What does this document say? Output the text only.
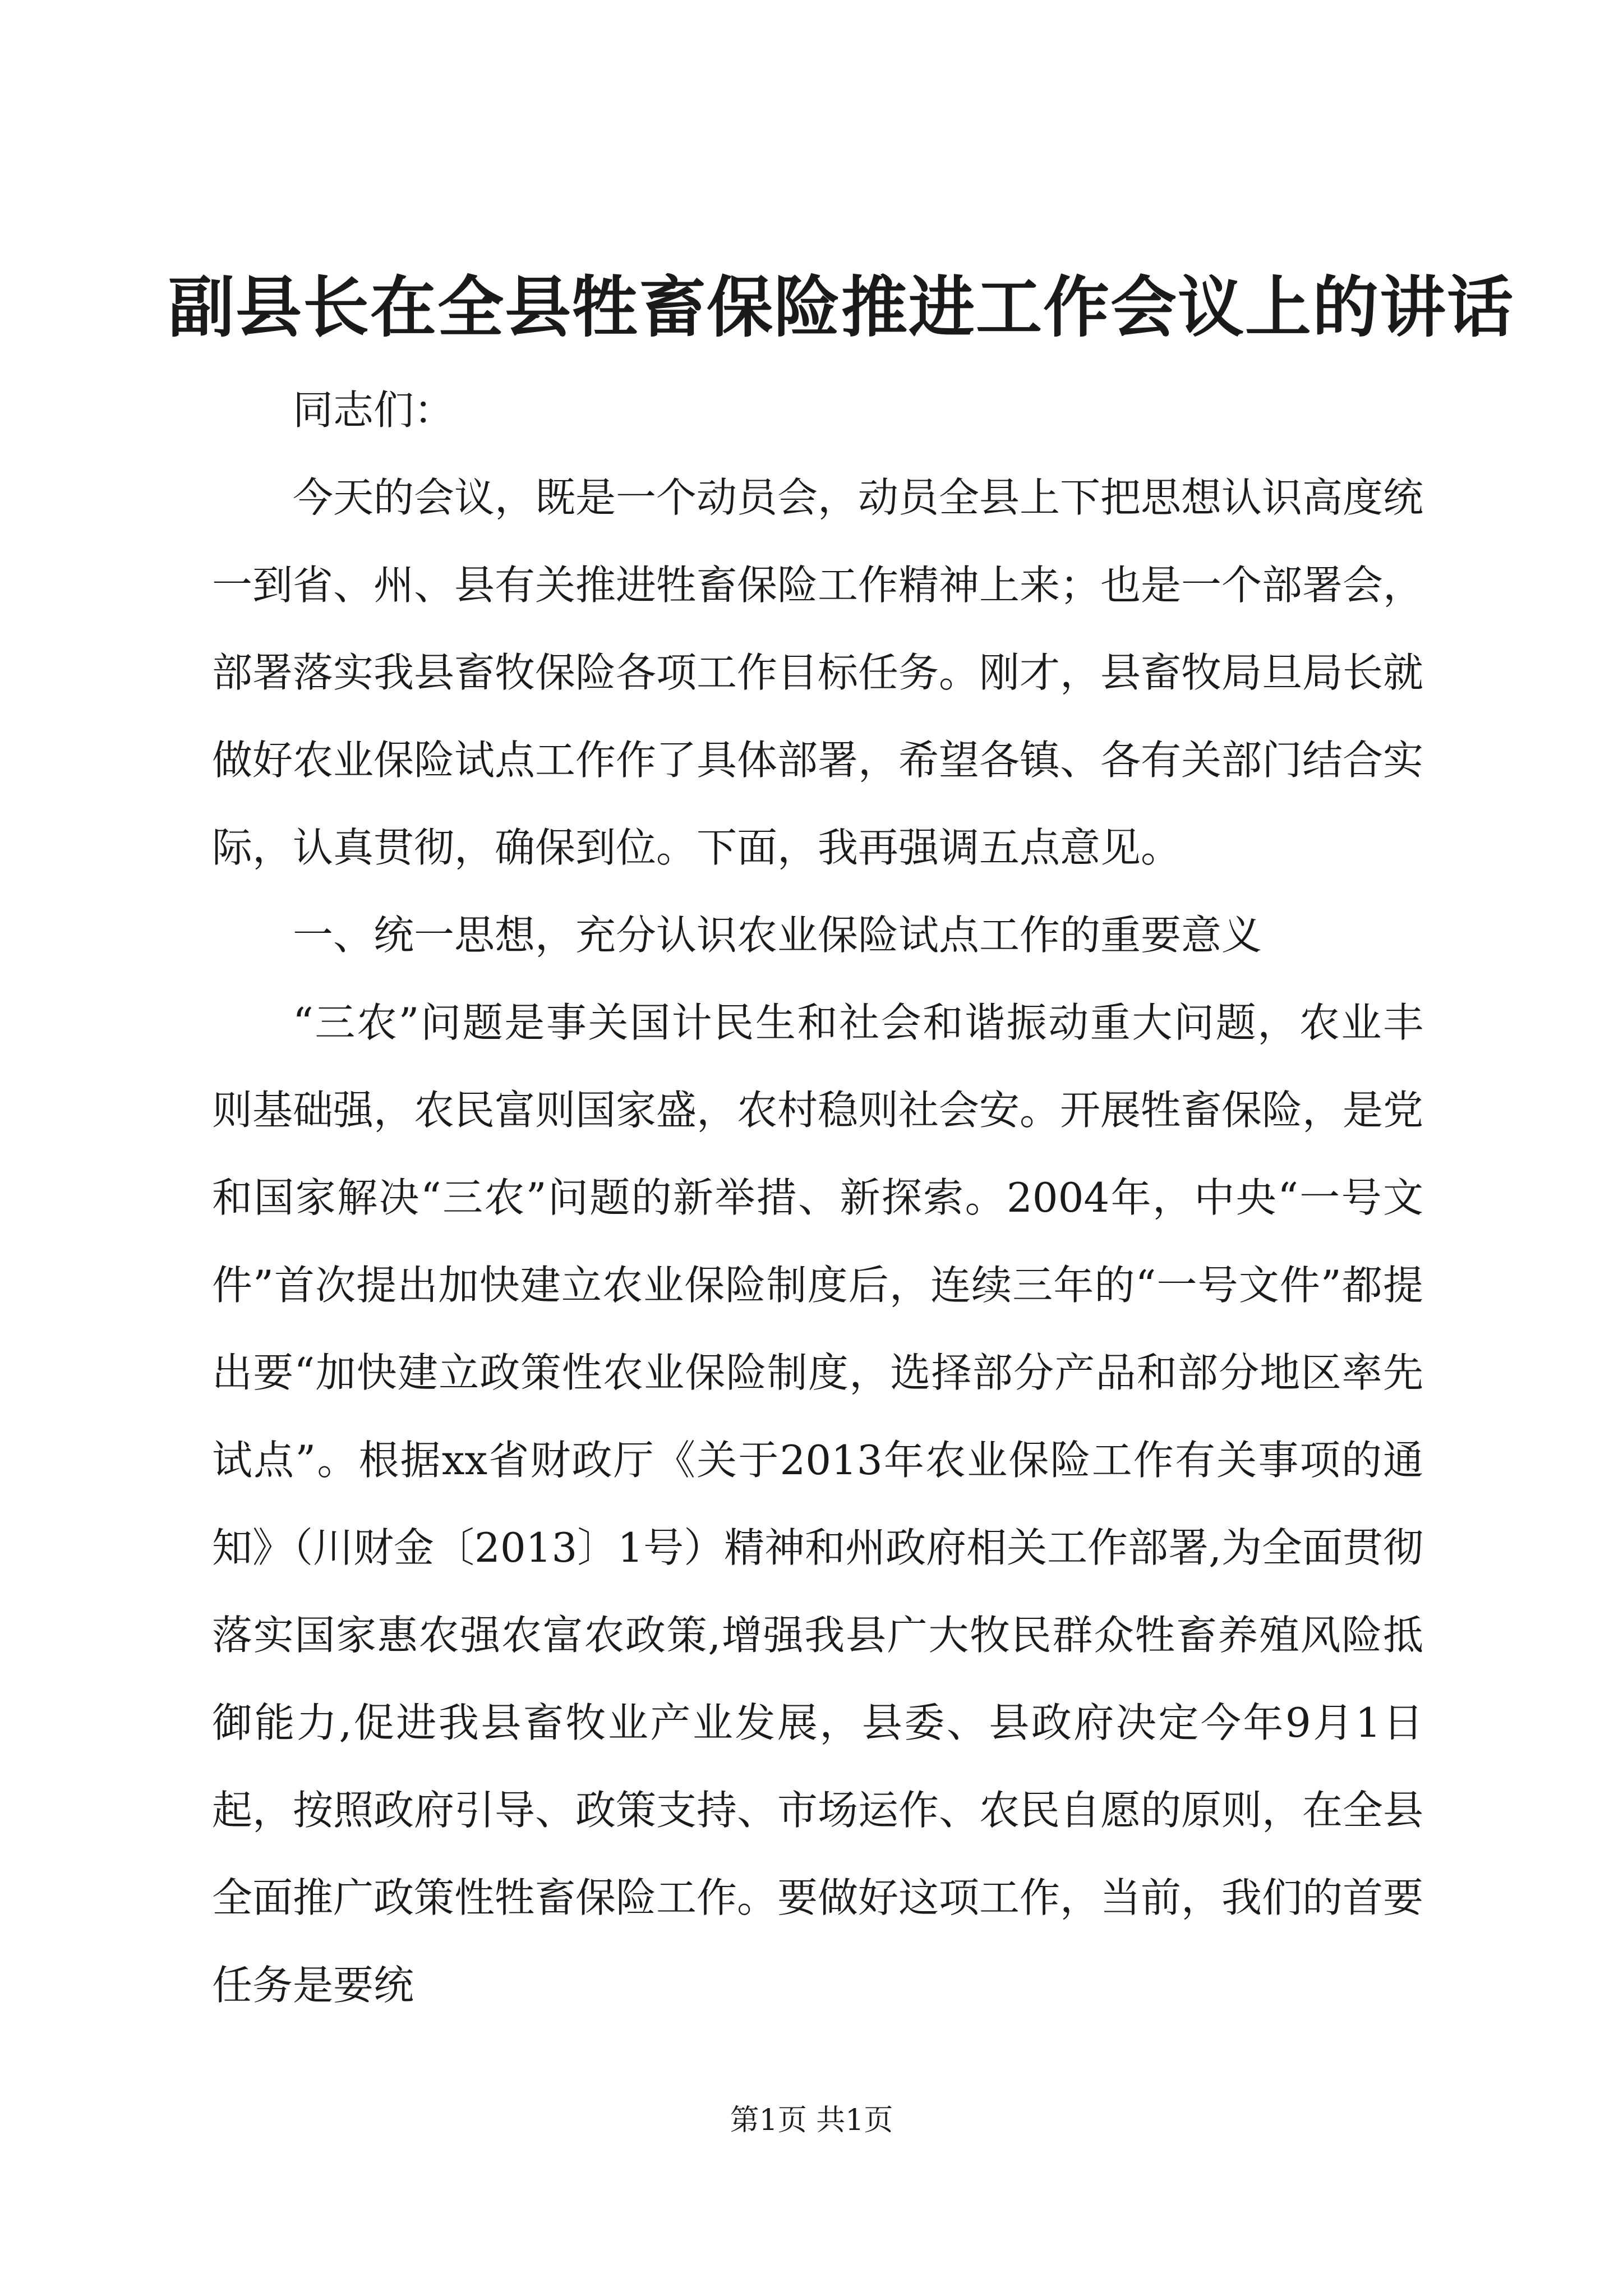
副县长在全县牲畜保险推进工作会议上的讲话

同志们：

今天的会议，既是一个动员会，动员全县上下把思想认识高度统一到省、州、县有关推进牲畜保险工作精神上来；也是一个部署会，部署落实我县畜牧保险各项工作目标任务。刚才，县畜牧局旦局长就做好农业保险试点工作作了具体部署，希望各镇、各有关部门结合实际，认真贯彻，确保到位。下面，我再强调五点意见。

一、统一思想，充分认识农业保险试点工作的重要意义

“三农”问题是事关国计民生和社会和谐振动重大问题，农业丰则基础强，农民富则国家盛，农村稳则社会安。开展牲畜保险，是党和国家解决“三农”问题的新举措、新探索。2004年，中央“一号文件”首次提出加快建立农业保险制度后，连续三年的“一号文件”都提出要“加快建立政策性农业保险制度，选择部分产品和部分地区率先试点”。根据xx省财政厅《关于2013年农业保险工作有关事项的通知》（川财金〔2013〕1号）精神和州政府相关工作部署,为全面贯彻落实国家惠农强农富农政策,增强我县广大牧民群众牲畜养殖风险抵御能力,促进我县畜牧业产业发展，县委、县政府决定今年9月1日起，按照政府引导、政策支持、市场运作、农民自愿的原则，在全县全面推广政策性牲畜保险工作。要做好这项工作，当前，我们的首要任务是要统

第1页 共1页
